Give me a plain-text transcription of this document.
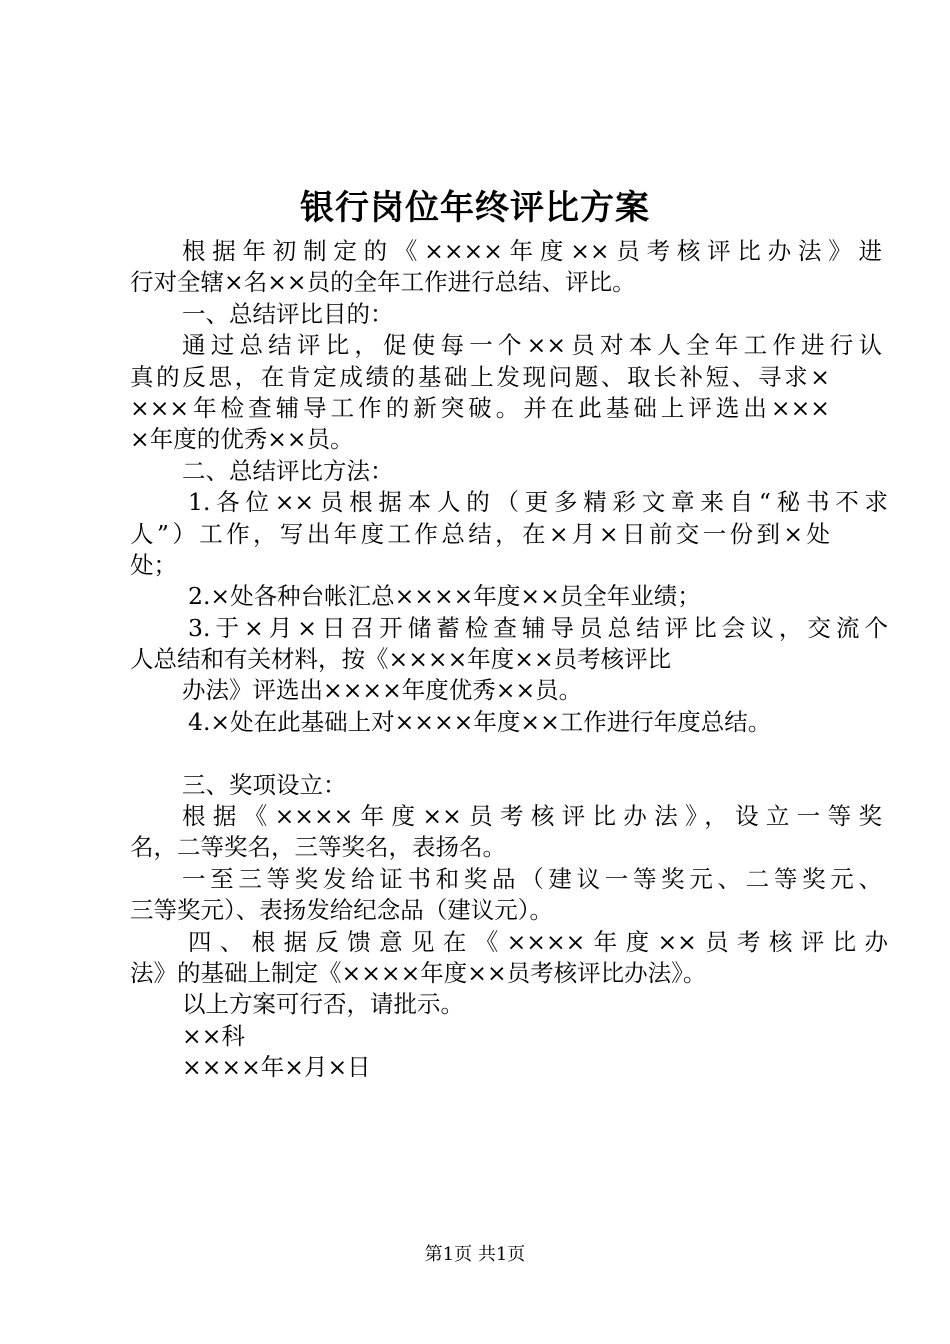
银行岗位年终评比方案
根据年初制定的《××××年度××员考核评比办法》进
行对全辖×名××员的全年工作进行总结、评比。
一、总结评比目的：
通过总结评比，促使每一个××员对本人全年工作进行认
真的反思，在肯定成绩的基础上发现问题、取长补短、寻求×
×××年检查辅导工作的新突破。并在此基础上评选出×××
×年度的优秀××员。
二、总结评比方法：
1.各位××员根据本人的（更多精彩文章来自“秘书不求
人”）工作，写出年度工作总结，在×月×日前交一份到×处
处；
2.×处各种台帐汇总××××年度××员全年业绩；
3.于×月×日召开储蓄检查辅导员总结评比会议，交流个
人总结和有关材料，按《××××年度××员考核评比
办法》评选出××××年度优秀××员。
4.×处在此基础上对××××年度××工作进行年度总结。
三、奖项设立：
根据《××××年度××员考核评比办法》，设立一等奖
名，二等奖名，三等奖名，表扬名。
一至三等奖发给证书和奖品（建议一等奖元、二等奖元、
三等奖元）、表扬发给纪念品（建议元）。
四、根据反馈意见在《××××年度××员考核评比办
法》的基础上制定《××××年度××员考核评比办法》。
以上方案可行否，请批示。
××科
××××年×月×日
第1页 共1页
